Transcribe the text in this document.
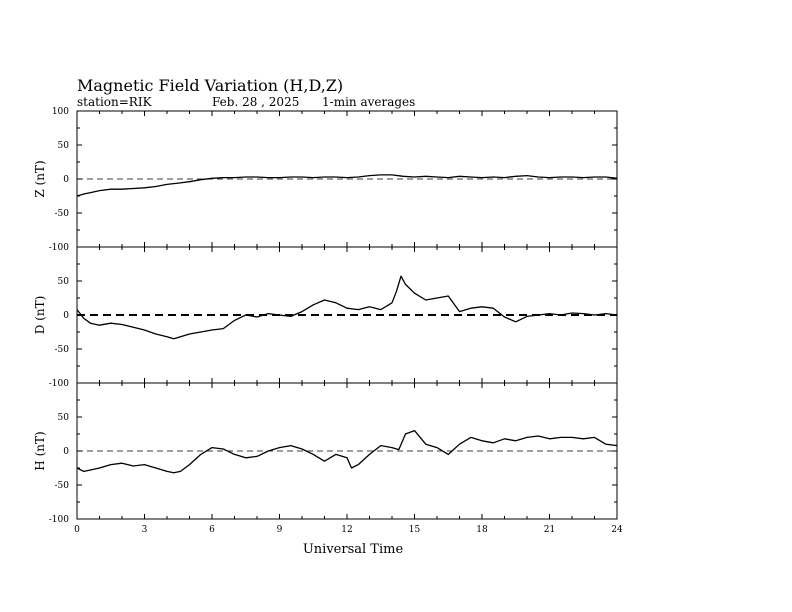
Magnetic Field Variation (H,D,Z)
station=RIK	Feb. 28 , 2025 1-min averages
100
50
0
-50
-100
Z (nT)
50
0
-50
-100
D (nT)
50
0
-50
-100
H (nT)
0	3	6	9	12	15	18	21	24
Universal Time
